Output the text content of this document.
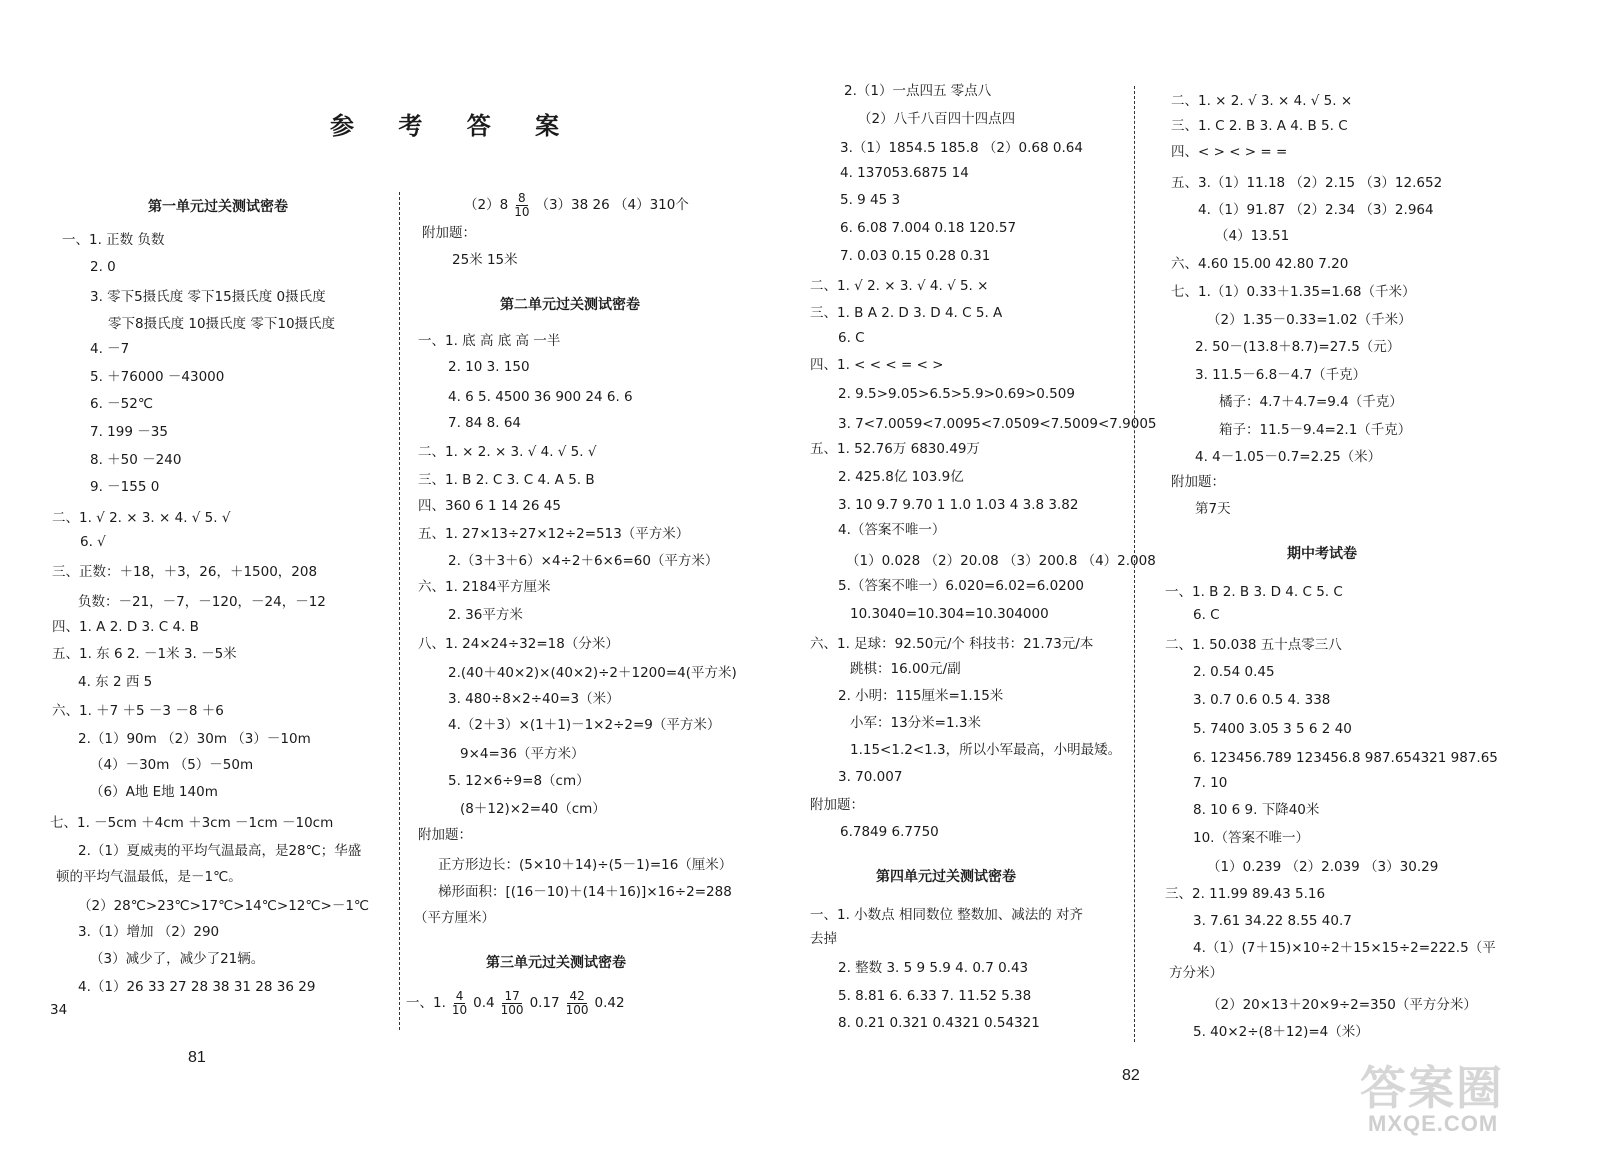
参 考 答 案
第一单元过关测试密卷
一、1. 正数 负数
2. 0
3. 零下5摄氏度 零下15摄氏度 0摄氏度
零下8摄氏度 10摄氏度 零下10摄氏度
4. －7
5. ＋76000 －43000
6. －52℃
7. 199 －35
8. ＋50 －240
9. －155 0
二、1. √ 2. × 3. × 4. √ 5. √
6. √
三、正数：＋18，＋3，26，＋1500，208
负数：－21，－7，－120，－24，－12
四、1. A 2. D 3. C 4. B
五、1. 东 6 2. －1米 3. －5米
4. 东 2 西 5
六、1. ＋7 ＋5 －3 －8 ＋6
2.（1）90m （2）30m （3）－10m
（4）－30m （5）－50m
（6）A地 E地 140m
七、1. －5cm ＋4cm ＋3cm －1cm －10cm
2.（1）夏威夷的平均气温最高，是28℃；华盛
顿的平均气温最低，是－1℃。
（2）28℃>23℃>17℃>14℃>12℃>－1℃
3.（1）增加 （2）290
（3）减少了，减少了21辆。
4.（1）26 33 27 28 38 31 28 36 29
34
81
$(2)8 \frac{8}{10} (3)38$ 26 （4）310个
附加题：
25米 15米
第二单元过关测试密卷
一、1. 底 高 底 高 一半
2. 10 3. 150
4. 6 5. 4500 36 900 24 6. 6
7. 84 8. 64
二、1. × 2. × 3. √ 4. √ 5. √
三、1. B 2. C 3. C 4. A 5. B
四、360 6 1 14 26 45
五、1. 27×13÷27×12÷2=513（平方米）
2.（3＋3＋6）×4÷2＋6×6=60（平方米）
六、1. 2184平方厘米
2. 36平方米
八、1. 24×24÷32=18（分米）
2.(40＋40×2)×(40×2)÷2＋1200=4(平方米)
3. 480÷8×2÷40=3（米）
4.（2＋3）×(1＋1)－1×2÷2=9（平方米）
9×4=36（平方米）
5. 12×6÷9=8（cm）
(8＋12)×2=40（cm）
附加题：
正方形边长：(5×10＋14)÷(5－1)=16（厘米）
梯形面积：[(16－10)＋(14＋16)]×16÷2=288
（平方厘米）
第三单元过关测试密卷
一、1. $\frac{4}{10} 0.4 \frac{17}{100} 0.17 \frac{42}{100} 0.42$
2.（1）一点四五 零点八
（2）八千八百四十四点四
3.（1）1854.5 185.8 （2）0.68 0.64
4. 137053.6875 14
5. 9 45 3
6. 6.08 7.004 0.18 120.57
7. 0.03 0.15 0.28 0.31
二、1. √ 2. × 3. √ 4. √ 5. ×
三、1. B A 2. D 3. D 4. C 5. A
6. C
四、1. < < < = < >
2. 9.5>9.05>6.5>5.9>0.69>0.509
3. 7<7.0059<7.0095<7.0509<7.5009<7.9005
五、1. 52.76万 6830.49万
2. 425.8亿 103.9亿
3. 10 9.7 9.70 1 1.0 1.03 4 3.8 3.82
4.（答案不唯一）
（1）0.028 （2）20.08 （3）200.8 （4）2.008
5.（答案不唯一）6.020=6.02=6.0200
10.3040=10.304=10.304000
六、1. 足球：92.50元/个 科技书：21.73元/本
跳棋：16.00元/副
2. 小明：115厘米=1.15米
小军：13分米=1.3米
1.15<1.2<1.3，所以小军最高，小明最矮。
3. 70.007
附加题：
6.7849 6.7750
第四单元过关测试密卷
一、1. 小数点 相同数位 整数加、减法的 对齐
去掉
2. 整数 3. 5 9 5.9 4. 0.7 0.43
5. 8.81 6. 6.33 7. 11.52 5.38
8. 0.21 0.321 0.4321 0.54321
82
二、1. × 2. √ 3. × 4. √ 5. ×
三、1. C 2. B 3. A 4. B 5. C
四、< > < > = =
五、3.（1）11.18 （2）2.15 （3）12.652
4.（1）91.87 （2）2.34 （3）2.964
（4）13.51
六、4.60 15.00 42.80 7.20
七、1.（1）0.33＋1.35=1.68（千米）
（2）1.35－0.33=1.02（千米）
2. 50－(13.8＋8.7)=27.5（元）
3. 11.5－6.8－4.7（千克）
橘子：4.7＋4.7=9.4（千克）
箱子：11.5－9.4=2.1（千克）
4. 4－1.05－0.7=2.25（米）
附加题：
第7天
期中考试卷
一、1. B 2. B 3. D 4. C 5. C
6. C
二、1. 50.038 五十点零三八
2. 0.54 0.45
3. 0.7 0.6 0.5 4. 338
5. 7400 3.05 3 5 6 2 40
6. 123456.789 123456.8 987.654321 987.65
7. 10
8. 10 6 9. 下降40米
10.（答案不唯一）
（1）0.239 （2）2.039 （3）30.29
三、2. 11.99 89.43 5.16
3. 7.61 34.22 8.55 40.7
4.（1）(7＋15)×10÷2＋15×15÷2=222.5（平
方分米）
（2）20×13＋20×9÷2=350（平方分米）
5. 40×2÷(8＋12)=4（米）
答案圈
MXQE.COM
